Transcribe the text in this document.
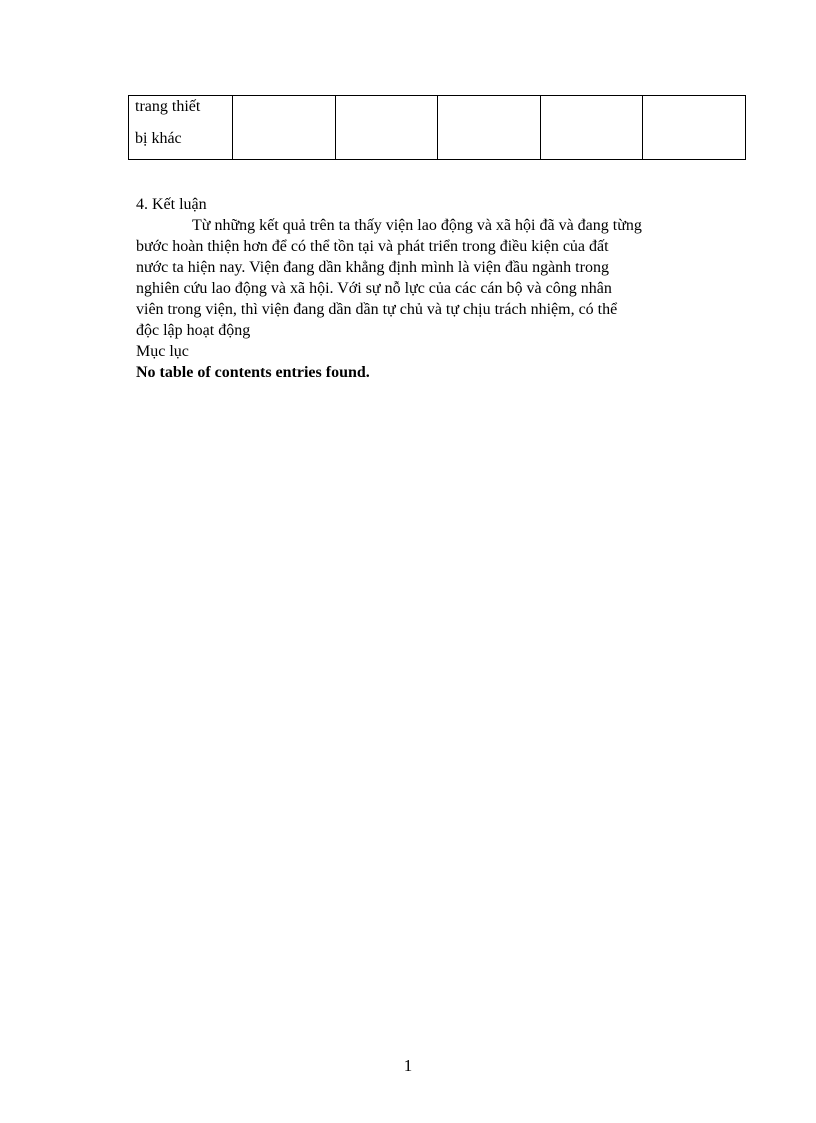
trang thiết
bị khác

4. Kết luận

Từ những kết quả trên ta thấy viện lao động và xã hội đã và đang từng

bước hoàn thiện hơn để có thể tồn tại và phát triển trong điều kiện của đất

nước ta hiện nay. Viện đang dần khẳng định mình là viện đầu ngành trong

nghiên cứu lao động và xã hội. Với sự nỗ lực của các cán bộ và công nhân

viên trong viện, thì viện đang dần dần tự chủ và tự chịu trách nhiệm, có thể

độc lập hoạt động

Mục lục

No table of contents entries found.

1
